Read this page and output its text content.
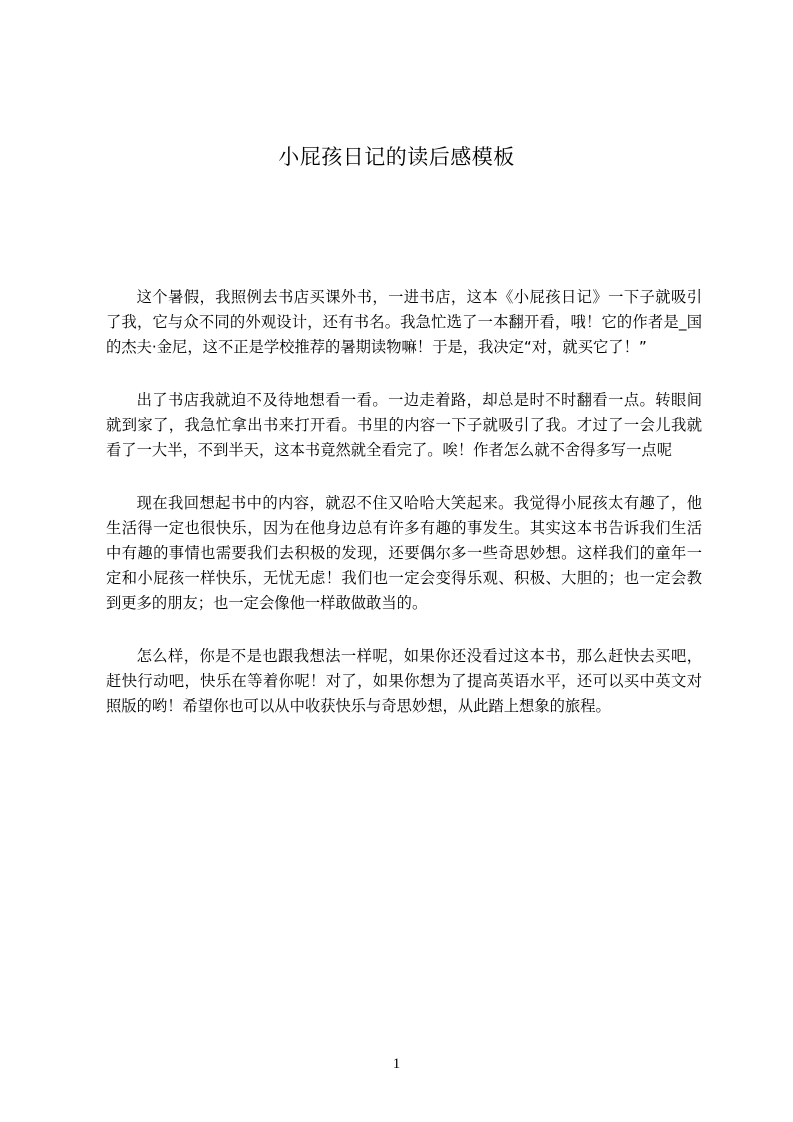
小屁孩日记的读后感模板

这个暑假，我照例去书店买课外书，一进书店，这本《小屁孩日记》一下子就吸引了我，它与众不同的外观设计，还有书名。我急忙选了一本翻开看，哦！它的作者是_国的杰夫·金尼，这不正是学校推荐的暑期读物嘛！于是，我决定“对，就买它了！”

出了书店我就迫不及待地想看一看。一边走着路，却总是时不时翻看一点。转眼间就到家了，我急忙拿出书来打开看。书里的内容一下子就吸引了我。才过了一会儿我就看了一大半，不到半天，这本书竟然就全看完了。唉！作者怎么就不舍得多写一点呢

现在我回想起书中的内容，就忍不住又哈哈大笑起来。我觉得小屁孩太有趣了，他生活得一定也很快乐，因为在他身边总有许多有趣的事发生。其实这本书告诉我们生活中有趣的事情也需要我们去积极的发现，还要偶尔多一些奇思妙想。这样我们的童年一定和小屁孩一样快乐，无忧无虑！我们也一定会变得乐观、积极、大胆的；也一定会教到更多的朋友；也一定会像他一样敢做敢当的。

怎么样，你是不是也跟我想法一样呢，如果你还没看过这本书，那么赶快去买吧，赶快行动吧，快乐在等着你呢！对了，如果你想为了提高英语水平，还可以买中英文对照版的哟！希望你也可以从中收获快乐与奇思妙想，从此踏上想象的旅程。

1
